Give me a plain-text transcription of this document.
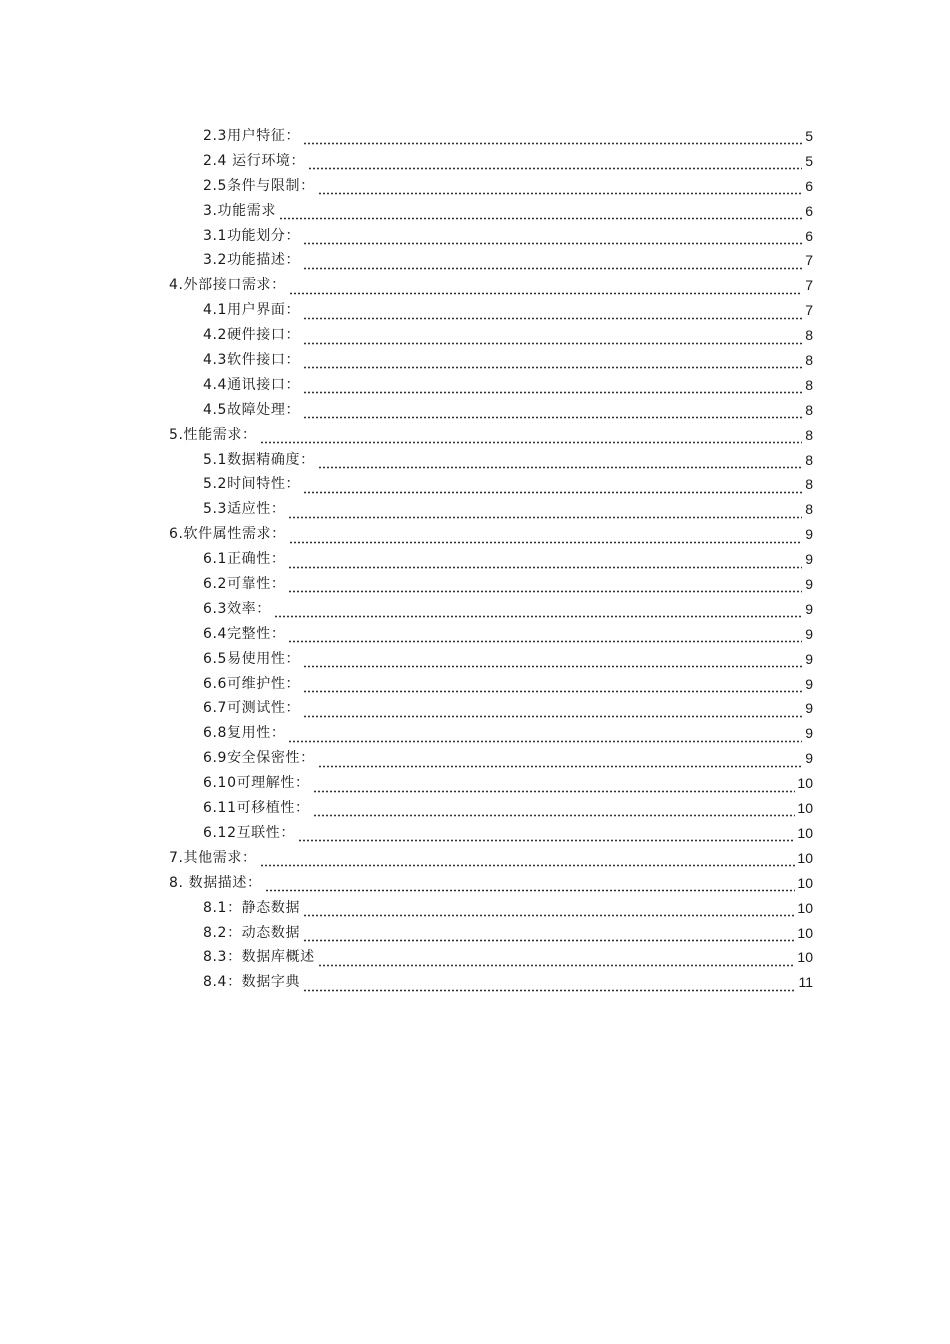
2.3用户特征：	5
2.4 运行环境：	5
2.5条件与限制：	6
3.功能需求	6
3.1功能划分：	6
3.2功能描述：	7
4.外部接口需求：	7
4.1用户界面：	7
4.2硬件接口：	8
4.3软件接口：	8
4.4通讯接口：	8
4.5故障处理：	8
5.性能需求：	8
5.1数据精确度：	8
5.2时间特性：	8
5.3适应性：	8
6.软件属性需求：	9
6.1正确性：	9
6.2可靠性：	9
6.3效率：	9
6.4完整性：	9
6.5易使用性：	9
6.6可维护性：	9
6.7可测试性：	9
6.8复用性：	9
6.9安全保密性：	9
6.10可理解性：	10
6.11可移植性：	10
6.12互联性：	10
7.其他需求：	10
8. 数据描述：	10
8.1：静态数据	10
8.2：动态数据	10
8.3：数据库概述	10
8.4：数据字典	11
